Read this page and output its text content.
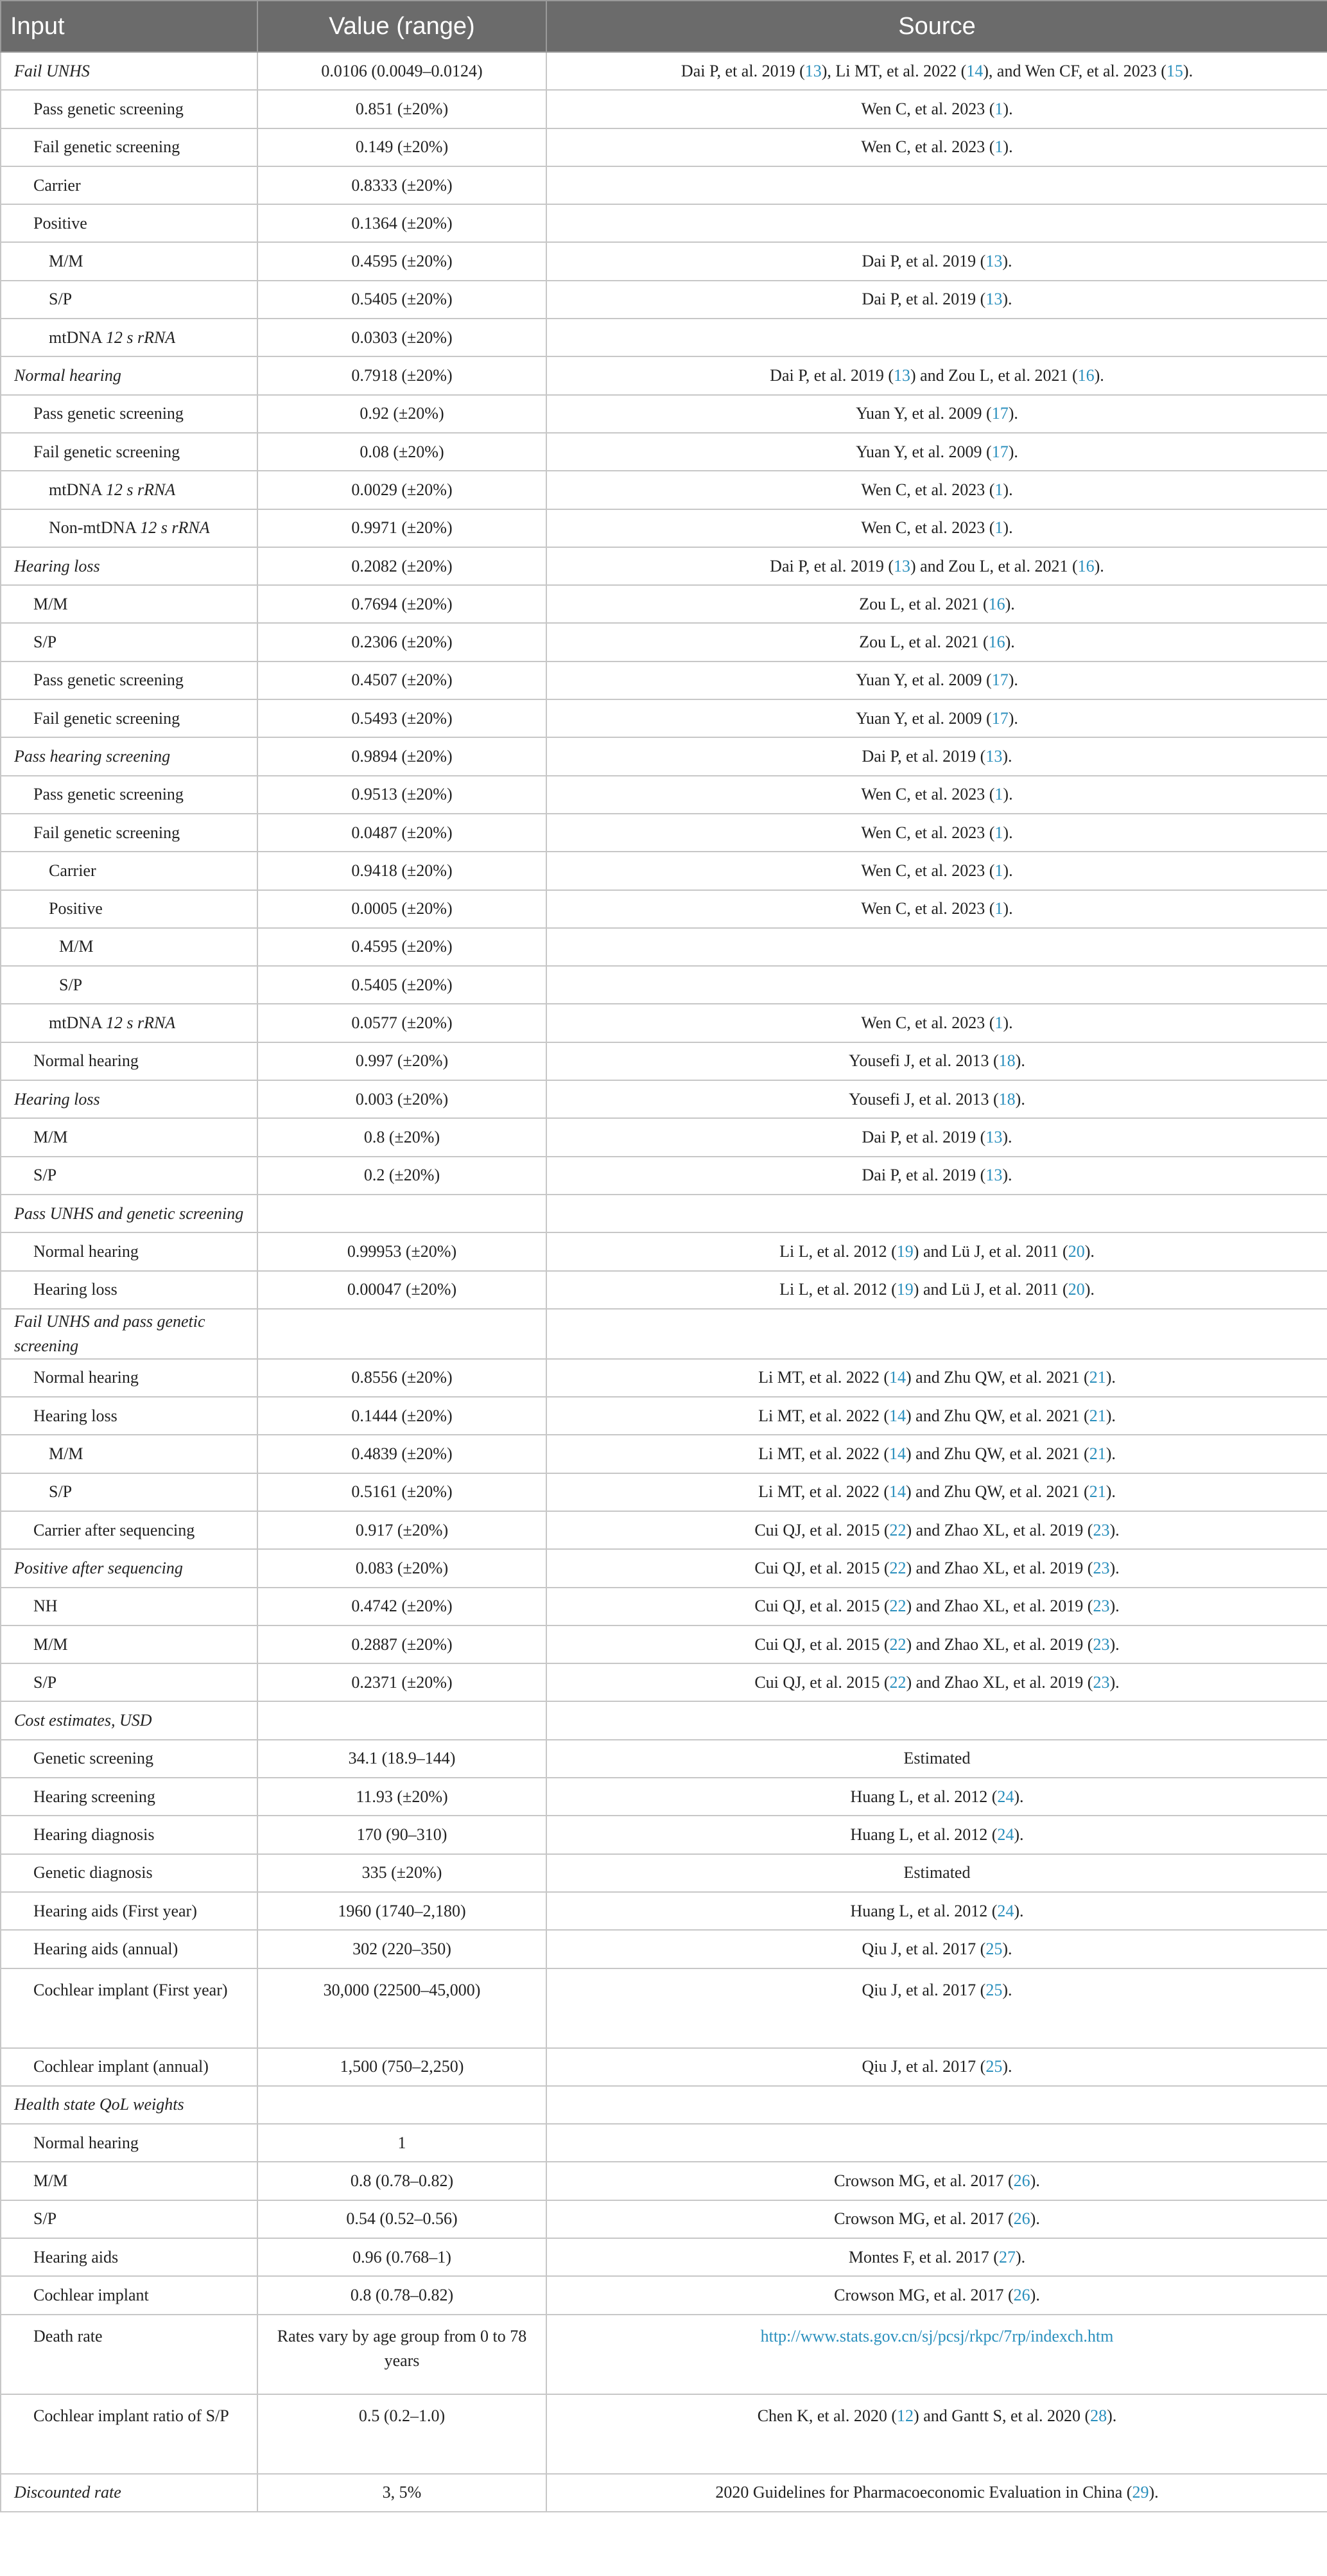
Input	Value (range)	Source
Fail UNHS	0.0106 (0.0049–0.0124)	Dai P, et al. 2019 (13), Li MT, et al. 2022 (14), and Wen CF, et al. 2023 (15).
Pass genetic screening	0.851 (±20%)	Wen C, et al. 2023 (1).
Fail genetic screening	0.149 (±20%)	Wen C, et al. 2023 (1).
Carrier	0.8333 (±20%)	
Positive	0.1364 (±20%)	
M/M	0.4595 (±20%)	Dai P, et al. 2019 (13).
S/P	0.5405 (±20%)	Dai P, et al. 2019 (13).
mtDNA 12 s rRNA	0.0303 (±20%)	
Normal hearing	0.7918 (±20%)	Dai P, et al. 2019 (13) and Zou L, et al. 2021 (16).
Pass genetic screening	0.92 (±20%)	Yuan Y, et al. 2009 (17).
Fail genetic screening	0.08 (±20%)	Yuan Y, et al. 2009 (17).
mtDNA 12 s rRNA	0.0029 (±20%)	Wen C, et al. 2023 (1).
Non-mtDNA 12 s rRNA	0.9971 (±20%)	Wen C, et al. 2023 (1).
Hearing loss	0.2082 (±20%)	Dai P, et al. 2019 (13) and Zou L, et al. 2021 (16).
M/M	0.7694 (±20%)	Zou L, et al. 2021 (16).
S/P	0.2306 (±20%)	Zou L, et al. 2021 (16).
Pass genetic screening	0.4507 (±20%)	Yuan Y, et al. 2009 (17).
Fail genetic screening	0.5493 (±20%)	Yuan Y, et al. 2009 (17).
Pass hearing screening	0.9894 (±20%)	Dai P, et al. 2019 (13).
Pass genetic screening	0.9513 (±20%)	Wen C, et al. 2023 (1).
Fail genetic screening	0.0487 (±20%)	Wen C, et al. 2023 (1).
Carrier	0.9418 (±20%)	Wen C, et al. 2023 (1).
Positive	0.0005 (±20%)	Wen C, et al. 2023 (1).
M/M	0.4595 (±20%)	
S/P	0.5405 (±20%)	
mtDNA 12 s rRNA	0.0577 (±20%)	Wen C, et al. 2023 (1).
Normal hearing	0.997 (±20%)	Yousefi J, et al. 2013 (18).
Hearing loss	0.003 (±20%)	Yousefi J, et al. 2013 (18).
M/M	0.8 (±20%)	Dai P, et al. 2019 (13).
S/P	0.2 (±20%)	Dai P, et al. 2019 (13).
Pass UNHS and genetic screening		
Normal hearing	0.99953 (±20%)	Li L, et al. 2012 (19) and Lü J, et al. 2011 (20).
Hearing loss	0.00047 (±20%)	Li L, et al. 2012 (19) and Lü J, et al. 2011 (20).
Fail UNHS and pass genetic screening		
Normal hearing	0.8556 (±20%)	Li MT, et al. 2022 (14) and Zhu QW, et al. 2021 (21).
Hearing loss	0.1444 (±20%)	Li MT, et al. 2022 (14) and Zhu QW, et al. 2021 (21).
M/M	0.4839 (±20%)	Li MT, et al. 2022 (14) and Zhu QW, et al. 2021 (21).
S/P	0.5161 (±20%)	Li MT, et al. 2022 (14) and Zhu QW, et al. 2021 (21).
Carrier after sequencing	0.917 (±20%)	Cui QJ, et al. 2015 (22) and Zhao XL, et al. 2019 (23).
Positive after sequencing	0.083 (±20%)	Cui QJ, et al. 2015 (22) and Zhao XL, et al. 2019 (23).
NH	0.4742 (±20%)	Cui QJ, et al. 2015 (22) and Zhao XL, et al. 2019 (23).
M/M	0.2887 (±20%)	Cui QJ, et al. 2015 (22) and Zhao XL, et al. 2019 (23).
S/P	0.2371 (±20%)	Cui QJ, et al. 2015 (22) and Zhao XL, et al. 2019 (23).
Cost estimates, USD		
Genetic screening	34.1 (18.9–144)	Estimated
Hearing screening	11.93 (±20%)	Huang L, et al. 2012 (24).
Hearing diagnosis	170 (90–310)	Huang L, et al. 2012 (24).
Genetic diagnosis	335 (±20%)	Estimated
Hearing aids (First year)	1960 (1740–2,180)	Huang L, et al. 2012 (24).
Hearing aids (annual)	302 (220–350)	Qiu J, et al. 2017 (25).
Cochlear implant (First year)	30,000 (22500–45,000)	Qiu J, et al. 2017 (25).
Cochlear implant (annual)	1,500 (750–2,250)	Qiu J, et al. 2017 (25).
Health state QoL weights		
Normal hearing	1	
M/M	0.8 (0.78–0.82)	Crowson MG, et al. 2017 (26).
S/P	0.54 (0.52–0.56)	Crowson MG, et al. 2017 (26).
Hearing aids	0.96 (0.768–1)	Montes F, et al. 2017 (27).
Cochlear implant	0.8 (0.78–0.82)	Crowson MG, et al. 2017 (26).
Death rate	Rates vary by age group from 0 to 78 years	http://www.stats.gov.cn/sj/pcsj/rkpc/7rp/indexch.htm
Cochlear implant ratio of S/P	0.5 (0.2–1.0)	Chen K, et al. 2020 (12) and Gantt S, et al. 2020 (28).
Discounted rate	3, 5%	2020 Guidelines for Pharmacoeconomic Evaluation in China (29).
